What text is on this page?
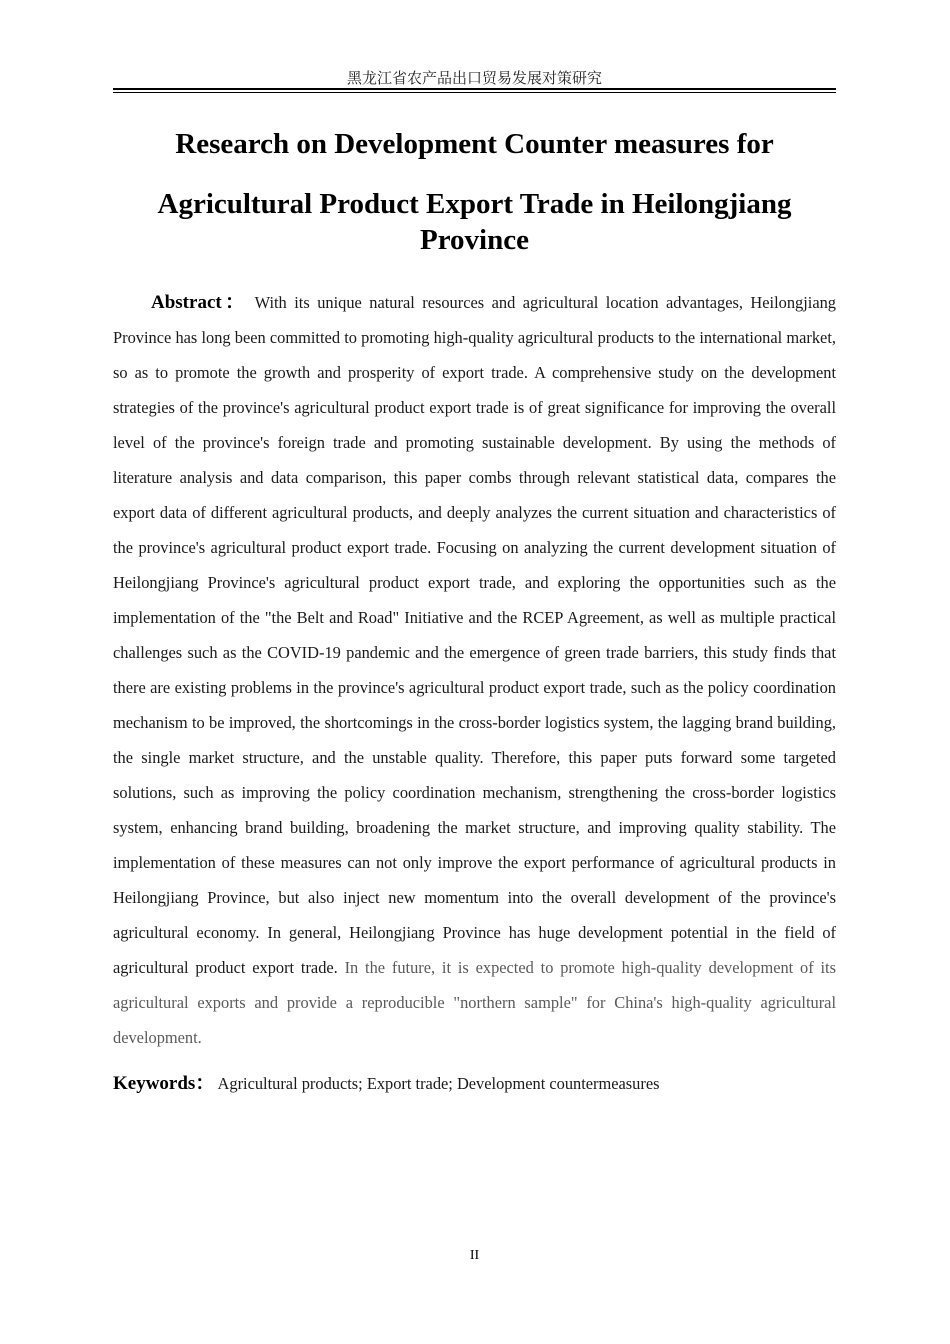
黑龙江省农产品出口贸易发展对策研究
Research on Development Counter measures for
Agricultural Product Export Trade in Heilongjiang Province

Abstract： With its unique natural resources and agricultural location advantages, Heilongjiang Province has long been committed to promoting high-quality agricultural products to the international market, so as to promote the growth and prosperity of export trade. A comprehensive study on the development strategies of the province's agricultural product export trade is of great significance for improving the overall level of the province's foreign trade and promoting sustainable development. By using the methods of literature analysis and data comparison, this paper combs through relevant statistical data, compares the export data of different agricultural products, and deeply analyzes the current situation and characteristics of the province's agricultural product export trade. Focusing on analyzing the current development situation of Heilongjiang Province's agricultural product export trade, and exploring the opportunities such as the implementation of the "the Belt and Road" Initiative and the RCEP Agreement, as well as multiple practical challenges such as the COVID-19 pandemic and the emergence of green trade barriers, this study finds that there are existing problems in the province's agricultural product export trade, such as the policy coordination mechanism to be improved, the shortcomings in the cross-border logistics system, the lagging brand building, the single market structure, and the unstable quality. Therefore, this paper puts forward some targeted solutions, such as improving the policy coordination mechanism, strengthening the cross-border logistics system, enhancing brand building, broadening the market structure, and improving quality stability. The implementation of these measures can not only improve the export performance of agricultural products in Heilongjiang Province, but also inject new momentum into the overall development of the province's agricultural economy. In general, Heilongjiang Province has huge development potential in the field of agricultural product export trade. In the future, it is expected to promote high-quality development of its agricultural exports and provide a reproducible "northern sample" for China's high-quality agricultural development.

Keywords： Agricultural products; Export trade; Development countermeasures
II
